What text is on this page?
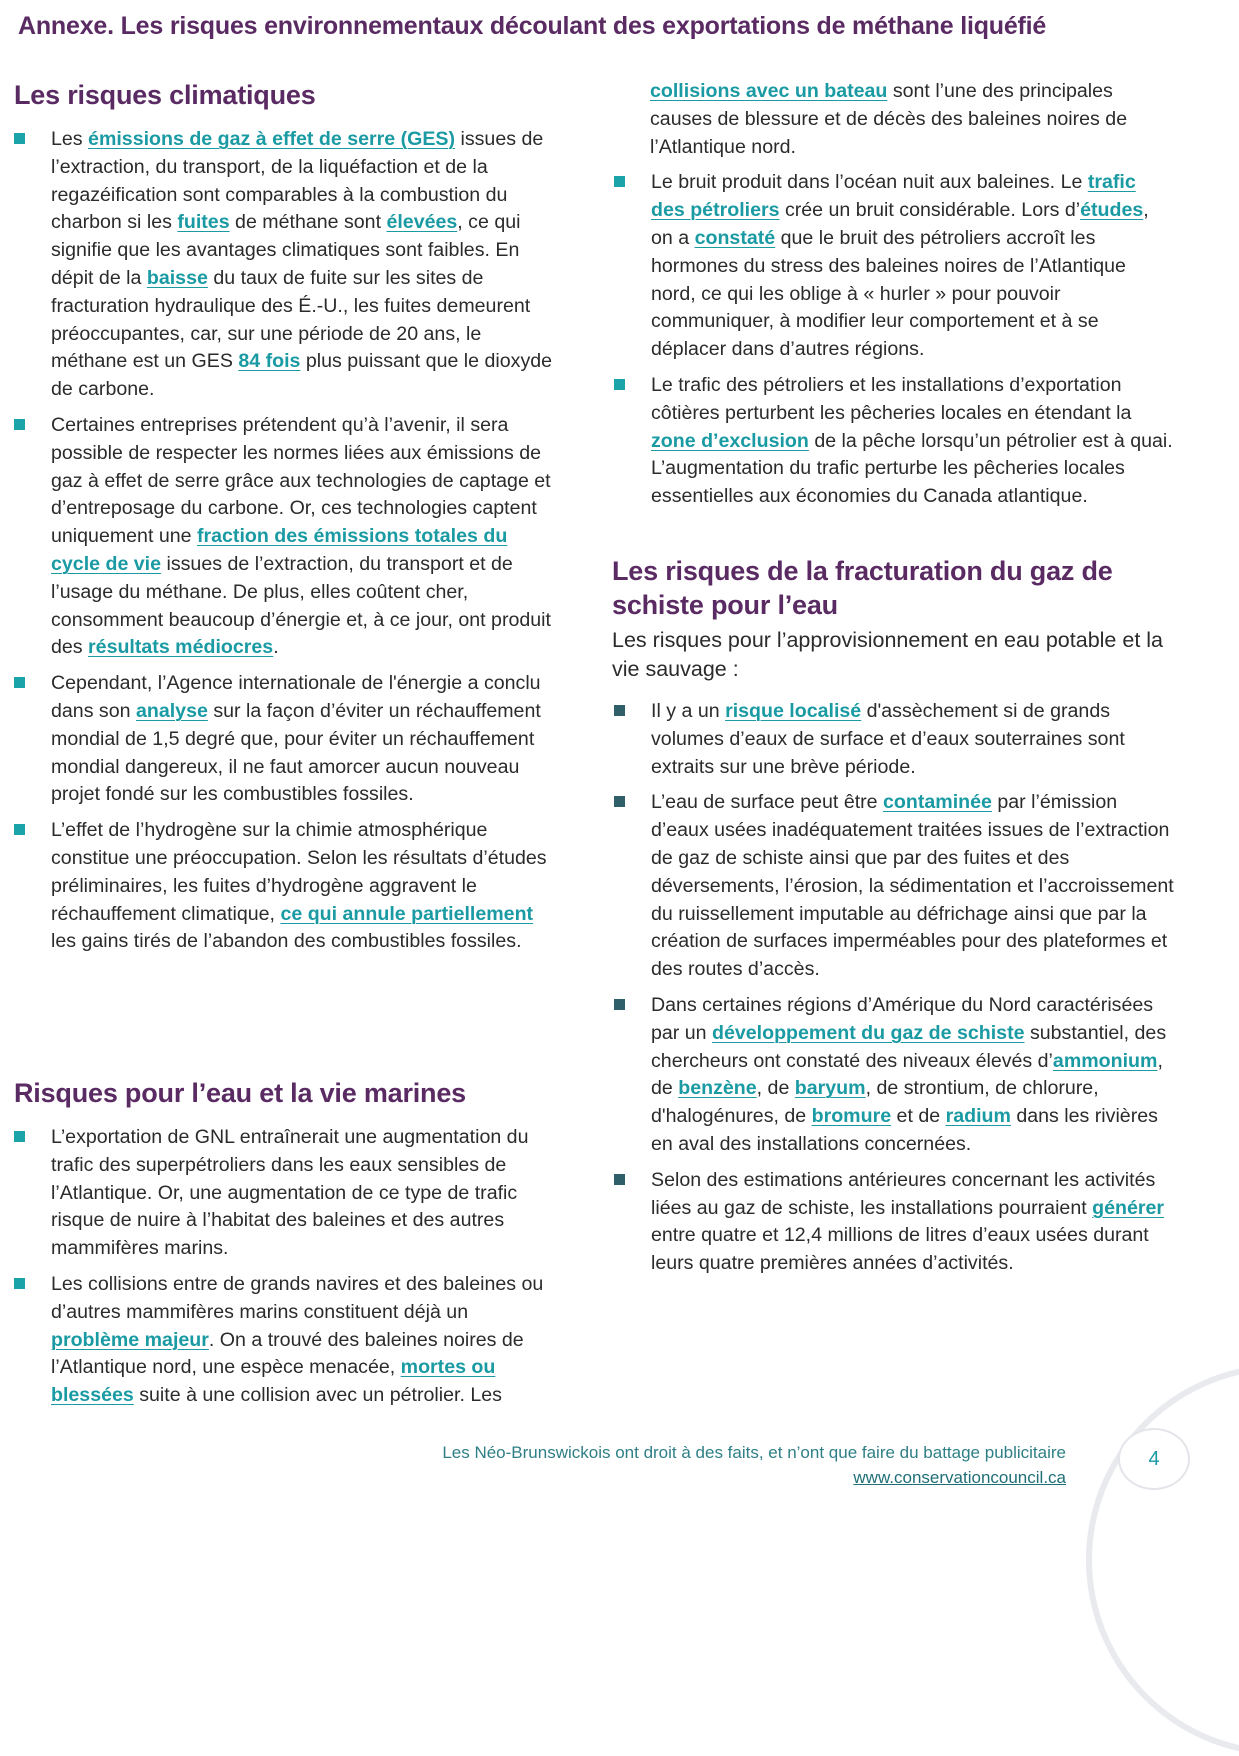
Annexe. Les risques environnementaux découlant des exportations de méthane liquéfié
Les risques climatiques
Les émissions de gaz à effet de serre (GES) issues de l’extraction, du transport, de la liquéfaction et de la regazéification sont comparables à la combustion du charbon si les fuites de méthane sont élevées, ce qui signifie que les avantages climatiques sont faibles. En dépit de la baisse du taux de fuite sur les sites de fracturation hydraulique des É.-U., les fuites demeurent préoccupantes, car, sur une période de 20 ans, le méthane est un GES 84 fois plus puissant que le dioxyde de carbone.
Certaines entreprises prétendent qu’à l’avenir, il sera possible de respecter les normes liées aux émissions de gaz à effet de serre grâce aux technologies de captage et d’entreposage du carbone. Or, ces technologies captent uniquement une fraction des émissions totales du cycle de vie issues de l’extraction, du transport et de l’usage du méthane. De plus, elles coûtent cher, consomment beaucoup d’énergie et, à ce jour, ont produit des résultats médiocres.
Cependant, l’Agence internationale de l'énergie a conclu dans son analyse sur la façon d’éviter un réchauffement mondial de 1,5 degré que, pour éviter un réchauffement mondial dangereux, il ne faut amorcer aucun nouveau projet fondé sur les combustibles fossiles.
L’effet de l’hydrogène sur la chimie atmosphérique constitue une préoccupation. Selon les résultats d’études préliminaires, les fuites d’hydrogène aggravent le réchauffement climatique, ce qui annule partiellement les gains tirés de l’abandon des combustibles fossiles.
Risques pour l’eau et la vie marines
L’exportation de GNL entraînerait une augmentation du trafic des superpétroliers dans les eaux sensibles de l’Atlantique. Or, une augmentation de ce type de trafic risque de nuire à l’habitat des baleines et des autres mammifères marins.
Les collisions entre de grands navires et des baleines ou d’autres mammifères marins constituent déjà un problème majeur. On a trouvé des baleines noires de l’Atlantique nord, une espèce menacée, mortes ou blessées suite à une collision avec un pétrolier. Les
collisions avec un bateau sont l’une des principales causes de blessure et de décès des baleines noires de l’Atlantique nord.
Le bruit produit dans l’océan nuit aux baleines. Le trafic des pétroliers crée un bruit considérable. Lors d’études, on a constaté que le bruit des pétroliers accroît les hormones du stress des baleines noires de l’Atlantique nord, ce qui les oblige à « hurler » pour pouvoir communiquer, à modifier leur comportement et à se déplacer dans d’autres régions.
Le trafic des pétroliers et les installations d’exportation côtières perturbent les pêcheries locales en étendant la zone d’exclusion de la pêche lorsqu’un pétrolier est à quai. L’augmentation du trafic perturbe les pêcheries locales essentielles aux économies du Canada atlantique.
Les risques de la fracturation du gaz de schiste pour l’eau

Les risques pour l’approvisionnement en eau potable et la vie sauvage :

Il y a un risque localisé d'assèchement si de grands volumes d’eaux de surface et d’eaux souterraines sont extraits sur une brève période.
L’eau de surface peut être contaminée par l’émission d’eaux usées inadéquatement traitées issues de l’extraction de gaz de schiste ainsi que par des fuites et des déversements, l’érosion, la sédimentation et l’accroissement du ruissellement imputable au défrichage ainsi que par la création de surfaces imperméables pour des plateformes et des routes d’accès.
Dans certaines régions d’Amérique du Nord caractérisées par un développement du gaz de schiste substantiel, des chercheurs ont constaté des niveaux élevés d’ammonium, de benzène, de baryum, de strontium, de chlorure, d'halogénures, de bromure et de radium dans les rivières en aval des installations concernées.
Selon des estimations antérieures concernant les activités liées au gaz de schiste, les installations pourraient générer entre quatre et 12,4 millions de litres d’eaux usées durant leurs quatre premières années d’activités.
Les Néo-Brunswickois ont droit à des faits, et n’ont que faire du battage publicitaire
www.conservationcouncil.ca
4
